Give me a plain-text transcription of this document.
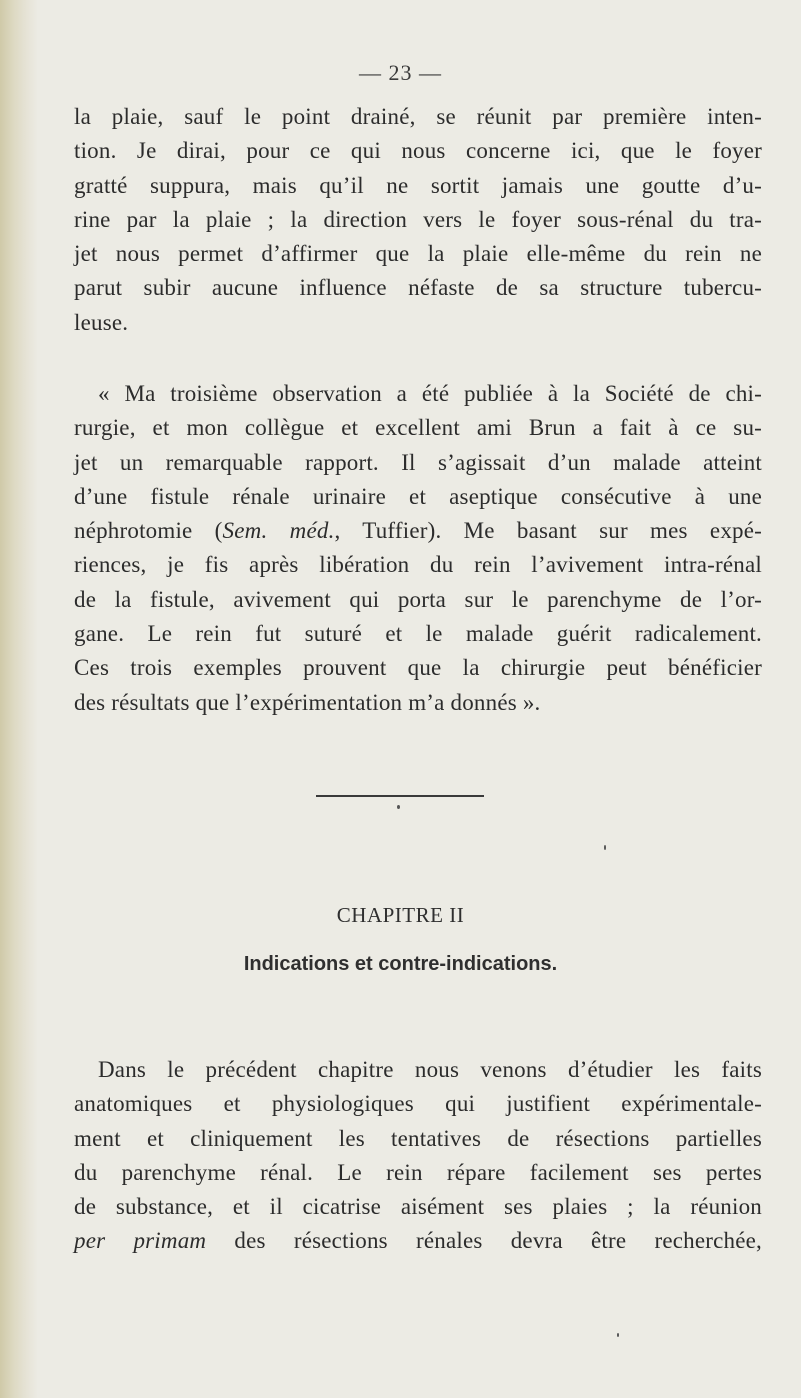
— 23 —
la plaie, sauf le point drainé, se réunit par première inten-
tion. Je dirai, pour ce qui nous concerne ici, que le foyer
gratté suppura, mais qu’il ne sortit jamais une goutte d’u-
rine par la plaie ; la direction vers le foyer sous-rénal du tra-
jet nous permet d’affirmer que la plaie elle-même du rein ne
parut subir aucune influence néfaste de sa structure tubercu-
leuse.
« Ma troisième observation a été publiée à la Société de chi-
rurgie, et mon collègue et excellent ami Brun a fait à ce su-
jet un remarquable rapport. Il s’agissait d’un malade atteint
d’une fistule rénale urinaire et aseptique consécutive à une
néphrotomie (Sem. méd., Tuffier). Me basant sur mes expé-
riences, je fis après libération du rein l’avivement intra-rénal
de la fistule, avivement qui porta sur le parenchyme de l’or-
gane. Le rein fut suturé et le malade guérit radicalement.
Ces trois exemples prouvent que la chirurgie peut bénéficier
des résultats que l’expérimentation m’a donnés ».
CHAPITRE II
Indications et contre-indications.
Dans le précédent chapitre nous venons d’étudier les faits
anatomiques et physiologiques qui justifient expérimentale-
ment et cliniquement les tentatives de résections partielles
du parenchyme rénal. Le rein répare facilement ses pertes
de substance, et il cicatrise aisément ses plaies ; la réunion
per primam des résections rénales devra être recherchée,
